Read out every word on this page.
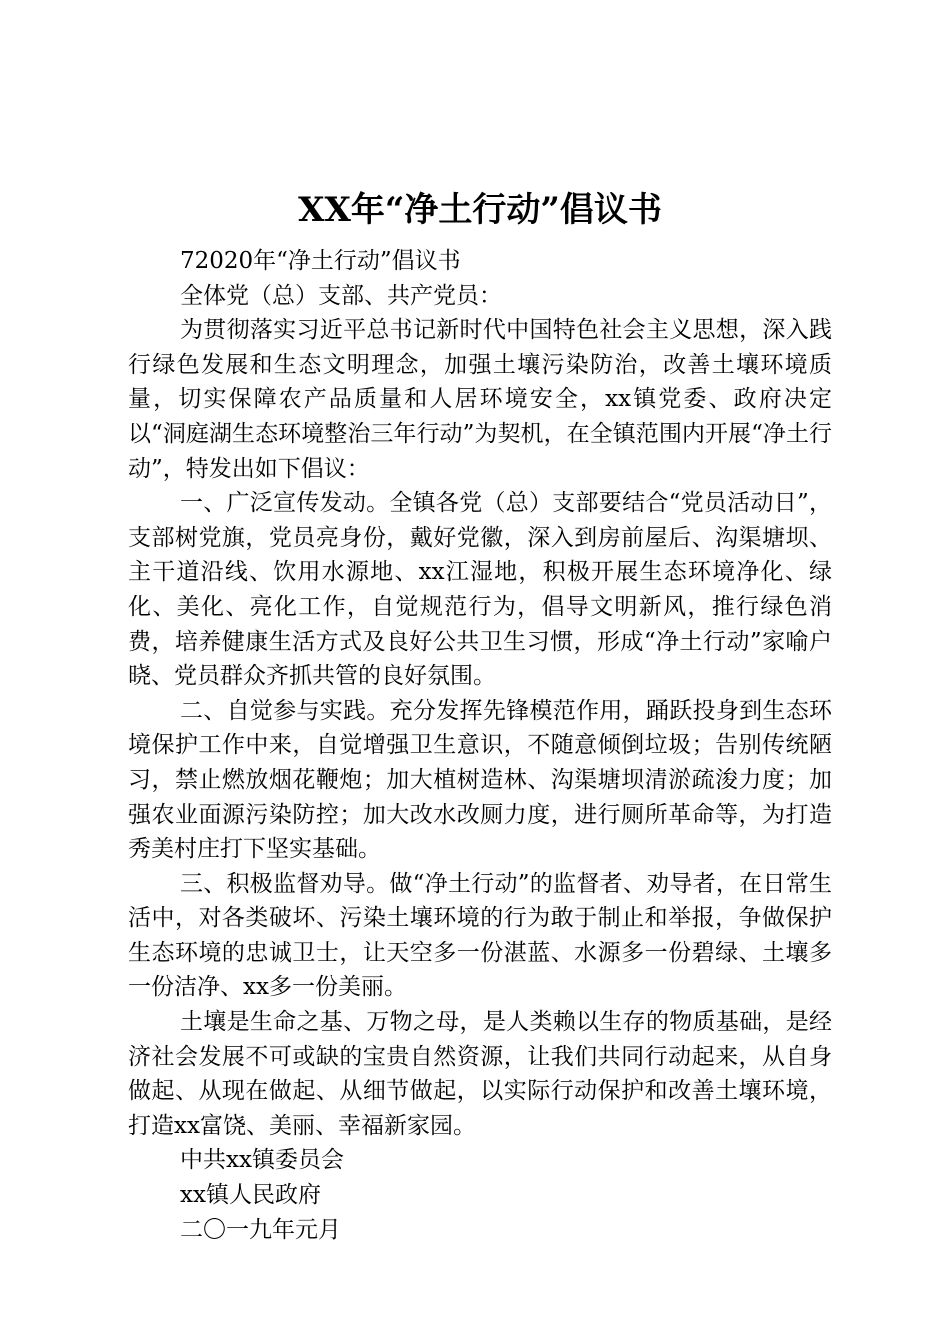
XX年“净土行动”倡议书

72020年“净土行动”倡议书

全体党（总）支部、共产党员：

为贯彻落实习近平总书记新时代中国特色社会主义思想，深入践行绿色发展和生态文明理念，加强土壤污染防治，改善土壤环境质量，切实保障农产品质量和人居环境安全，xx镇党委、政府决定以“洞庭湖生态环境整治三年行动”为契机，在全镇范围内开展“净土行动”，特发出如下倡议：

一、广泛宣传发动。全镇各党（总）支部要结合“党员活动日”，支部树党旗，党员亮身份，戴好党徽，深入到房前屋后、沟渠塘坝、主干道沿线、饮用水源地、xx江湿地，积极开展生态环境净化、绿化、美化、亮化工作，自觉规范行为，倡导文明新风，推行绿色消费，培养健康生活方式及良好公共卫生习惯，形成“净土行动”家喻户晓、党员群众齐抓共管的良好氛围。

二、自觉参与实践。充分发挥先锋模范作用，踊跃投身到生态环境保护工作中来，自觉增强卫生意识，不随意倾倒垃圾；告别传统陋习，禁止燃放烟花鞭炮；加大植树造林、沟渠塘坝清淤疏浚力度；加强农业面源污染防控；加大改水改厕力度，进行厕所革命等，为打造秀美村庄打下坚实基础。

三、积极监督劝导。做“净土行动”的监督者、劝导者，在日常生活中，对各类破坏、污染土壤环境的行为敢于制止和举报，争做保护生态环境的忠诚卫士，让天空多一份湛蓝、水源多一份碧绿、土壤多一份洁净、xx多一份美丽。

土壤是生命之基、万物之母，是人类赖以生存的物质基础，是经济社会发展不可或缺的宝贵自然资源，让我们共同行动起来，从自身做起、从现在做起、从细节做起，以实际行动保护和改善土壤环境，打造xx富饶、美丽、幸福新家园。

中共xx镇委员会

xx镇人民政府

二〇一九年元月
